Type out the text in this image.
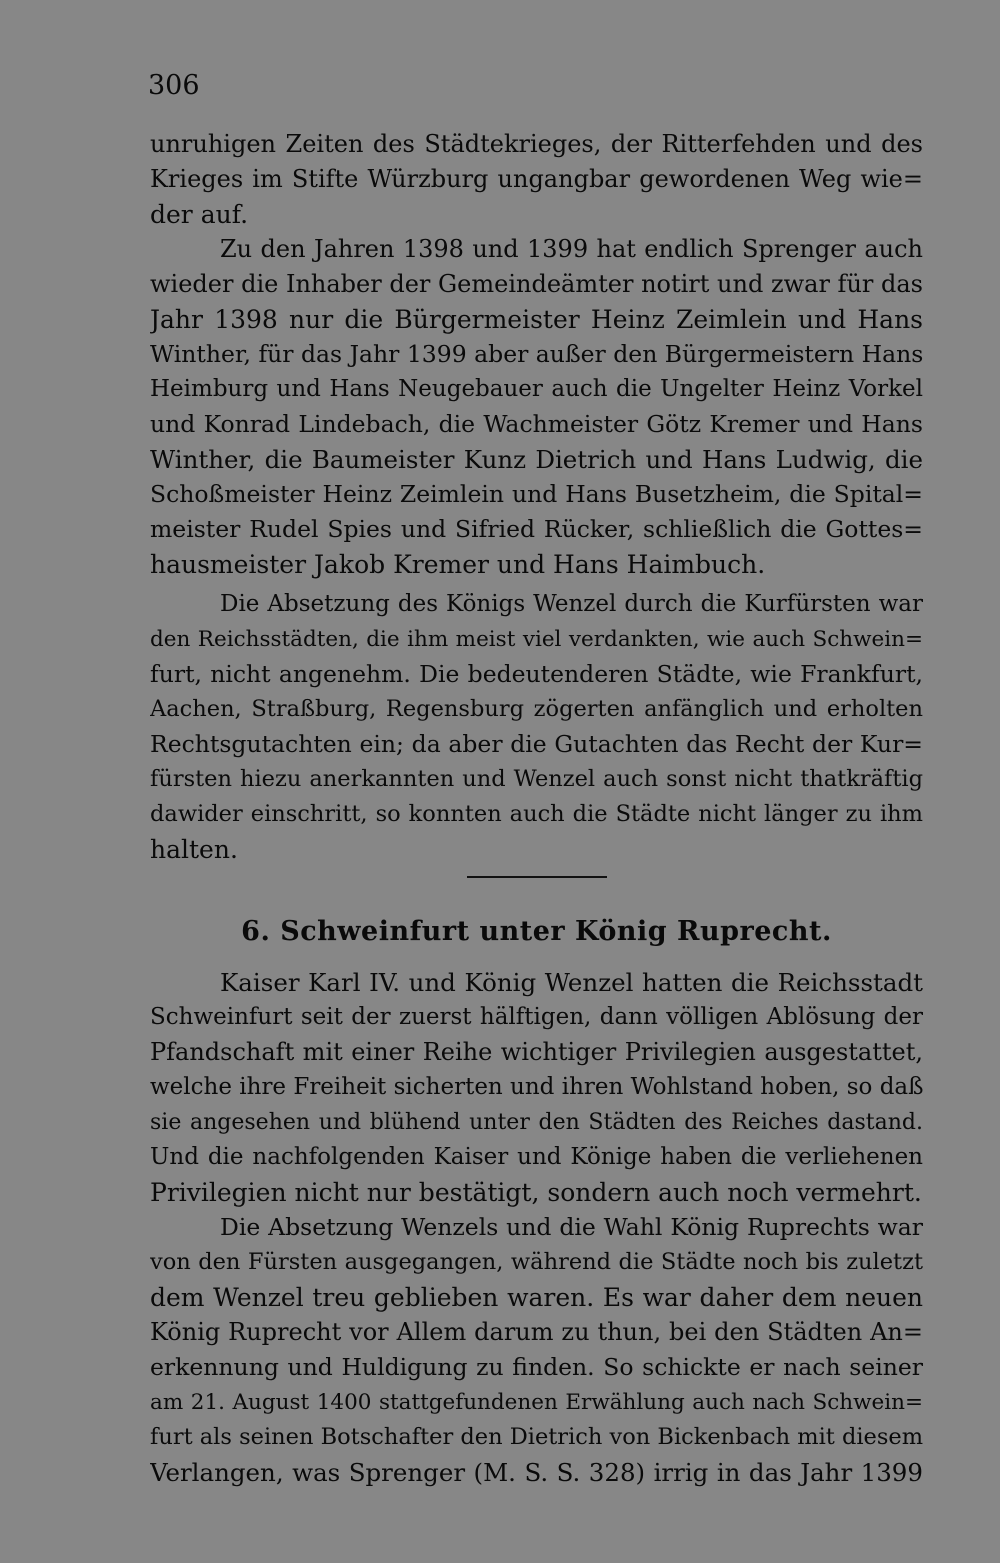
306
unruhigen Zeiten des Städtekrieges, der Ritterfehden und des
Krieges im Stifte Würzburg ungangbar gewordenen Weg wie=
der auf.
Zu den Jahren 1398 und 1399 hat endlich Sprenger auch
wieder die Inhaber der Gemeindeämter notirt und zwar für das
Jahr 1398 nur die Bürgermeister Heinz Zeimlein und Hans
Winther, für das Jahr 1399 aber außer den Bürgermeistern Hans
Heimburg und Hans Neugebauer auch die Ungelter Heinz Vorkel
und Konrad Lindebach, die Wachmeister Götz Kremer und Hans
Winther, die Baumeister Kunz Dietrich und Hans Ludwig, die
Schoßmeister Heinz Zeimlein und Hans Busetzheim, die Spital=
meister Rudel Spies und Sifried Rücker, schließlich die Gottes=
hausmeister Jakob Kremer und Hans Haimbuch.
Die Absetzung des Königs Wenzel durch die Kurfürsten war
den Reichsstädten, die ihm meist viel verdankten, wie auch Schwein=
furt, nicht angenehm. Die bedeutenderen Städte, wie Frankfurt,
Aachen, Straßburg, Regensburg zögerten anfänglich und erholten
Rechtsgutachten ein; da aber die Gutachten das Recht der Kur=
fürsten hiezu anerkannten und Wenzel auch sonst nicht thatkräftig
dawider einschritt, so konnten auch die Städte nicht länger zu ihm
halten.
6. Schweinfurt unter König Ruprecht.
Kaiser Karl IV. und König Wenzel hatten die Reichsstadt
Schweinfurt seit der zuerst hälftigen, dann völligen Ablösung der
Pfandschaft mit einer Reihe wichtiger Privilegien ausgestattet,
welche ihre Freiheit sicherten und ihren Wohlstand hoben, so daß
sie angesehen und blühend unter den Städten des Reiches dastand.
Und die nachfolgenden Kaiser und Könige haben die verliehenen
Privilegien nicht nur bestätigt, sondern auch noch vermehrt.
Die Absetzung Wenzels und die Wahl König Ruprechts war
von den Fürsten ausgegangen, während die Städte noch bis zuletzt
dem Wenzel treu geblieben waren. Es war daher dem neuen
König Ruprecht vor Allem darum zu thun, bei den Städten An=
erkennung und Huldigung zu finden. So schickte er nach seiner
am 21. August 1400 stattgefundenen Erwählung auch nach Schwein=
furt als seinen Botschafter den Dietrich von Bickenbach mit diesem
Verlangen, was Sprenger (M. S. S. 328) irrig in das Jahr 1399
